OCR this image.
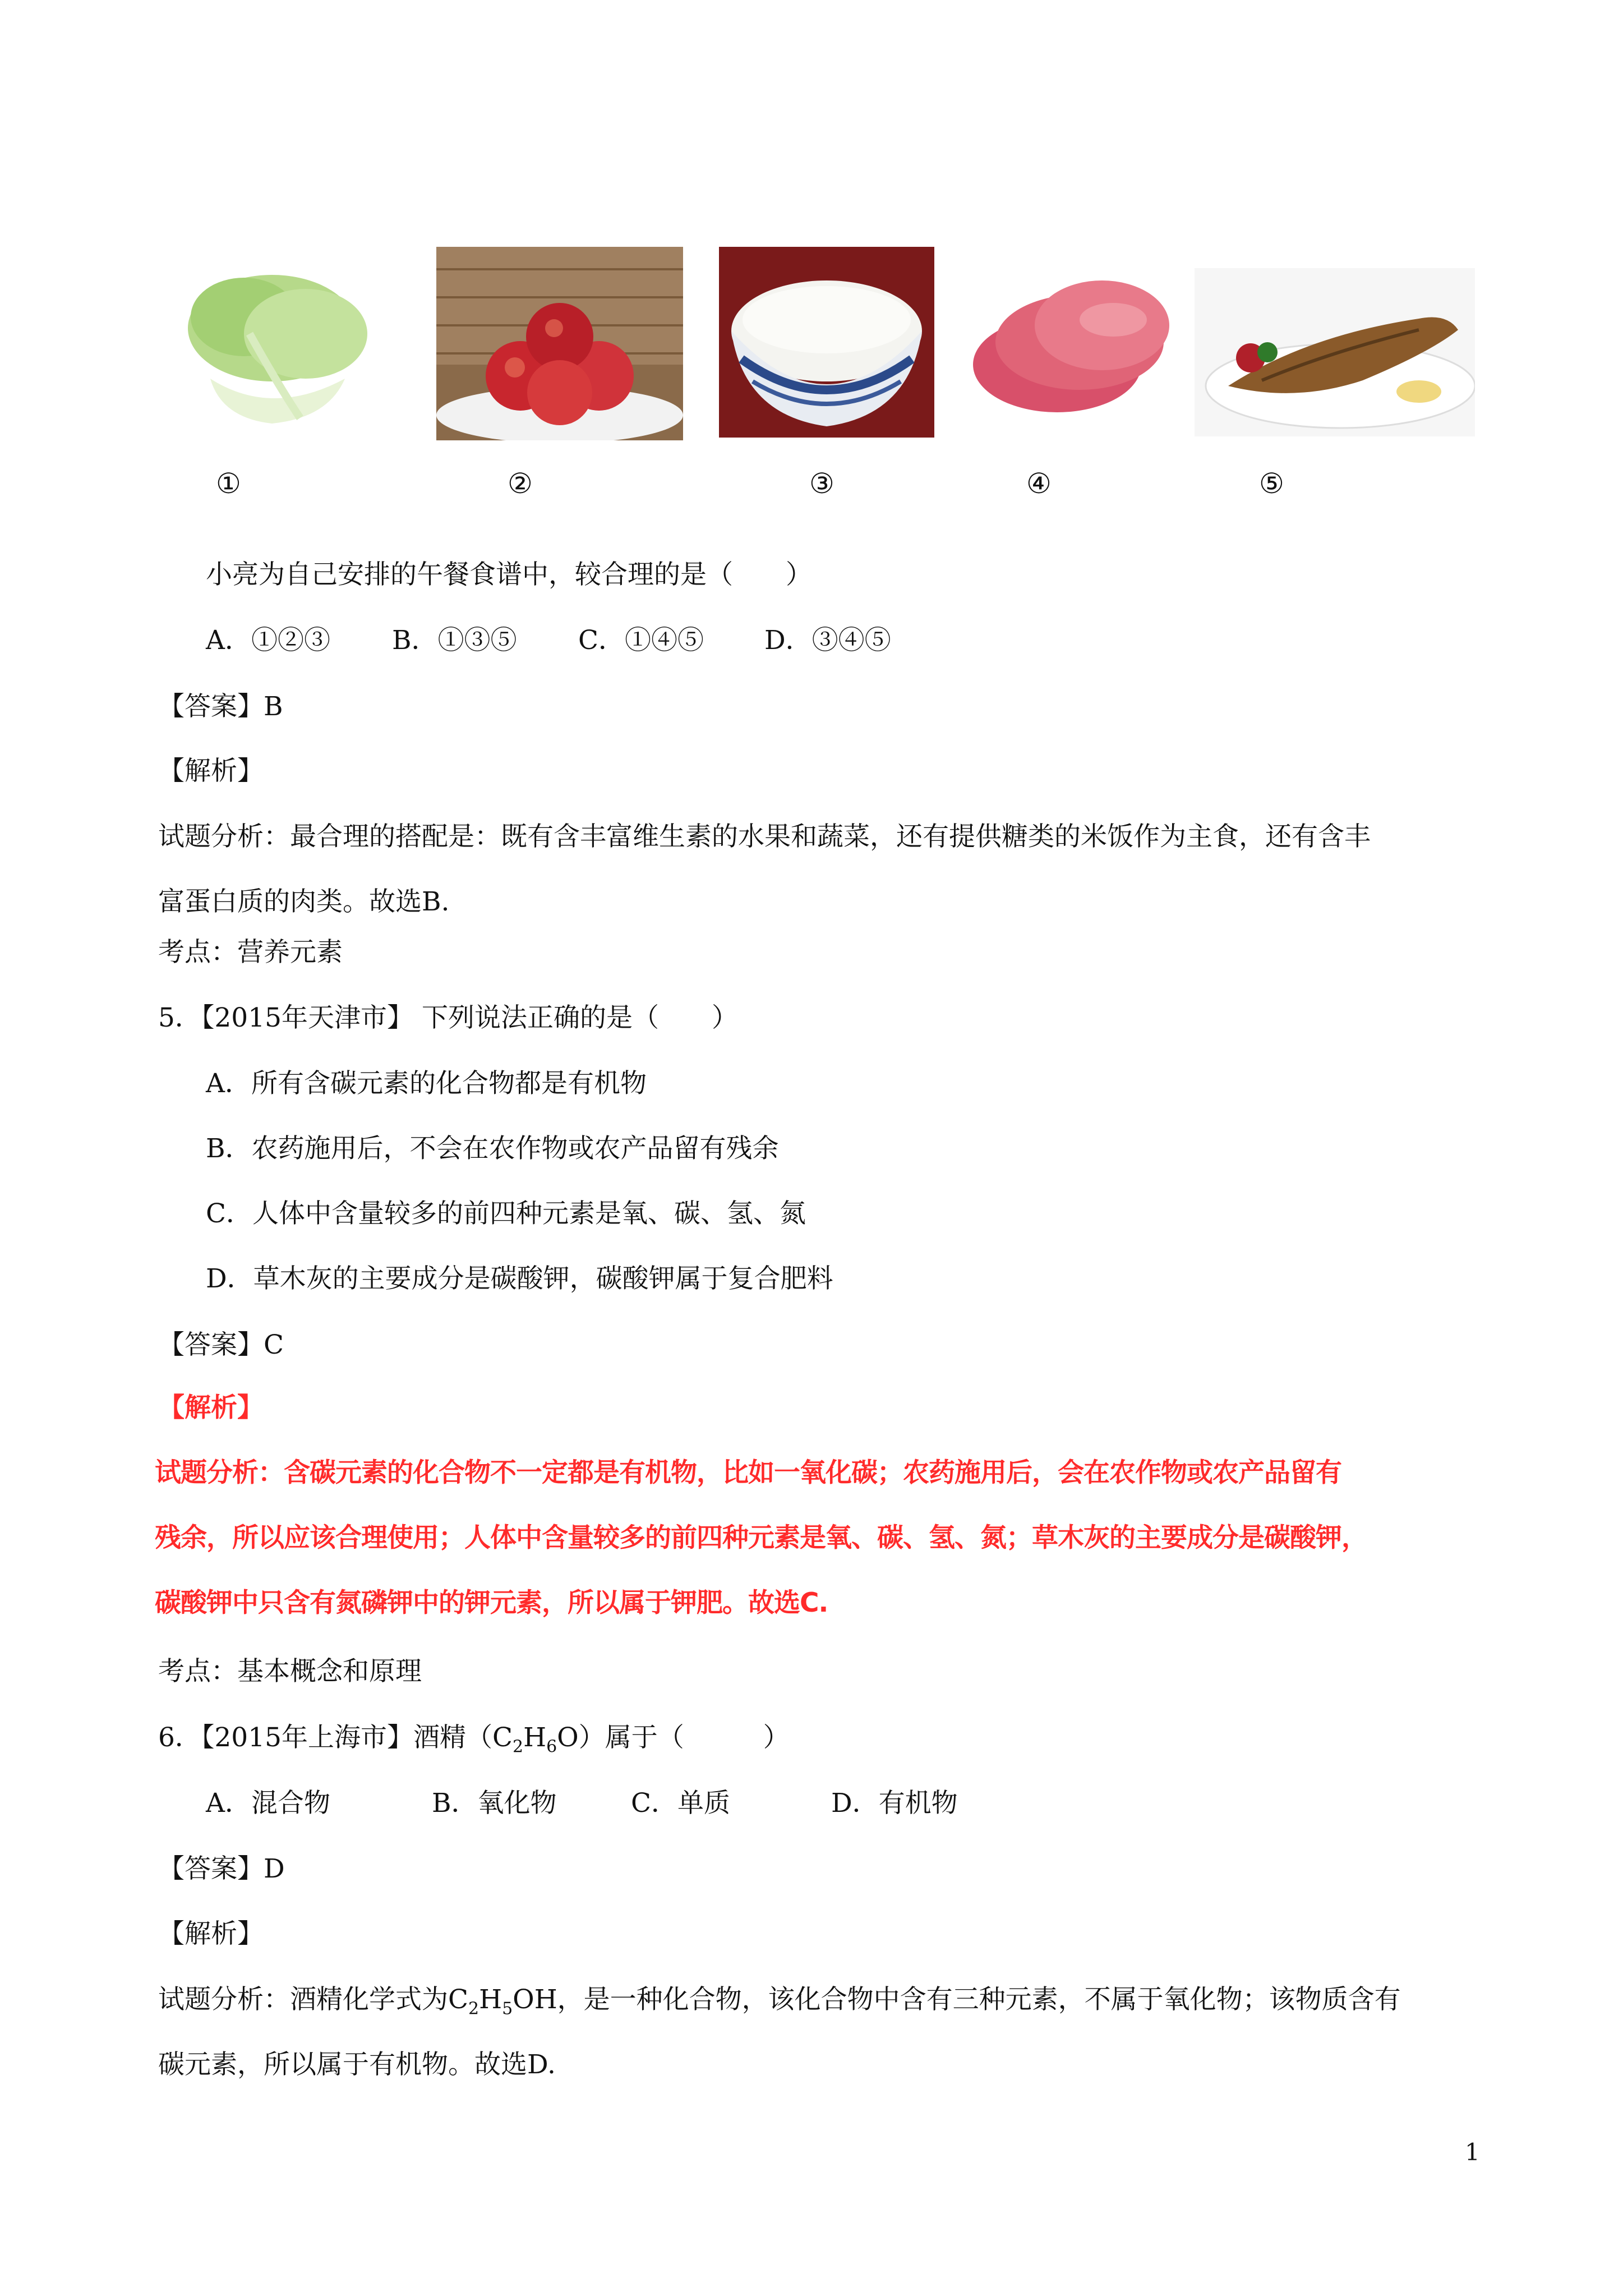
①	②	③	④	⑤
小亮为自己安排的午餐食谱中，较合理的是（　　）
A．①②③ B．①③⑤ C．①④⑤ D．③④⑤
【答案】B
【解析】
试题分析：最合理的搭配是：既有含丰富维生素的水果和蔬菜，还有提供糖类的米饭作为主食，还有含丰
富蛋白质的肉类。故选B.
考点：营养元素
5．【2015年天津市】 下列说法正确的是（　　）
A．所有含碳元素的化合物都是有机物
B．农药施用后，不会在农作物或农产品留有残余
C．人体中含量较多的前四种元素是氧、碳、氢、氮
D．草木灰的主要成分是碳酸钾，碳酸钾属于复合肥料
【答案】C
【解析】
试题分析：含碳元素的化合物不一定都是有机物，比如一氧化碳；农药施用后，会在农作物或农产品留有
残余，所以应该合理使用；人体中含量较多的前四种元素是氧、碳、氢、氮；草木灰的主要成分是碳酸钾，
碳酸钾中只含有氮磷钾中的钾元素，所以属于钾肥。故选C.
考点：基本概念和原理
6．【2015年上海市】酒精$(C_2H_6O)$属于（　　　）
A．混合物	B．氧化物	C．单质	D．有机物
【答案】D
【解析】
试题分析：酒精化学式为$C_2H_5OH$，是一种化合物，该化合物中含有三种元素，不属于氧化物；该物质含有
碳元素，所以属于有机物。故选D.
1
